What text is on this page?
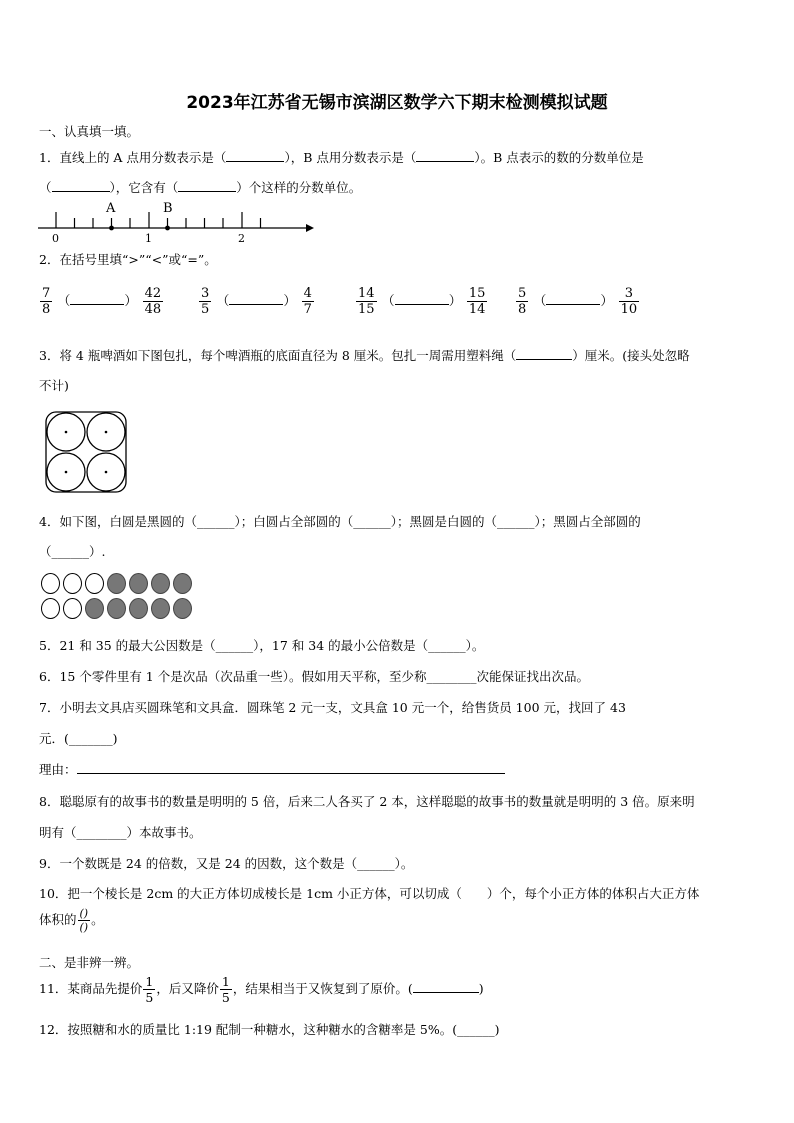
2023年江苏省无锡市滨湖区数学六下期末检测模拟试题
一、认真填一填。
1．直线上的 A 点用分数表示是（	），B 点用分数表示是（	）。B 点表示的数的分数单位是
（	），它含有（	）个这样的分数单位。
A	B
0	1	2
2．在括号里填“>”“<”或“=”。
$\frac{7}{8}$ （	） $\frac{42}{48}$	$\frac{3}{5}$ （	） $\frac{4}{7}$	$\frac{14}{15}$ （	） $\frac{15}{14} \frac{5}{8}$ （	） $\frac{3}{10}$
3．将 4 瓶啤酒如下图包扎，每个啤酒瓶的底面直径为 8 厘米。包扎一周需用塑料绳（	）厘米。(接头处忽略
不计)
4．如下图，白圆是黑圆的（______）；白圆占全部圆的（______）；黑圆是白圆的（______）；黑圆占全部圆的
（______）.
5．21 和 35 的最大公因数是（______），17 和 34 的最小公倍数是（______）。
6．15 个零件里有 1 个是次品（次品重一些）。假如用天平称，至少称________次能保证找出次品。
7．小明去文具店买圆珠笔和文具盒．圆珠笔 2 元一支，文具盒 10 元一个，给售货员 100 元，找回了 43
元．(_______)
理由：
8．聪聪原有的故事书的数量是明明的 5 倍，后来二人各买了 2 本，这样聪聪的故事书的数量就是明明的 3 倍。原来明
明有（________）本故事书。
9．一个数既是 24 的倍数，又是 24 的因数，这个数是（______）。
10．把一个棱长是 2cm 的大正方体切成棱长是 1cm 小正方体，可以切成（　　）个，每个小正方体的体积占大正方体
体积的 $\frac{()}{()}$ 。
二、是非辨一辨。
11．某商品先提价 $\frac{1}{5}$ ，后又降价 $\frac{1}{5}$ ，结果相当于又恢复到了原价。(	)
12．按照糖和水的质量比 1:19 配制一种糖水，这种糖水的含糖率是 5%。(______)
